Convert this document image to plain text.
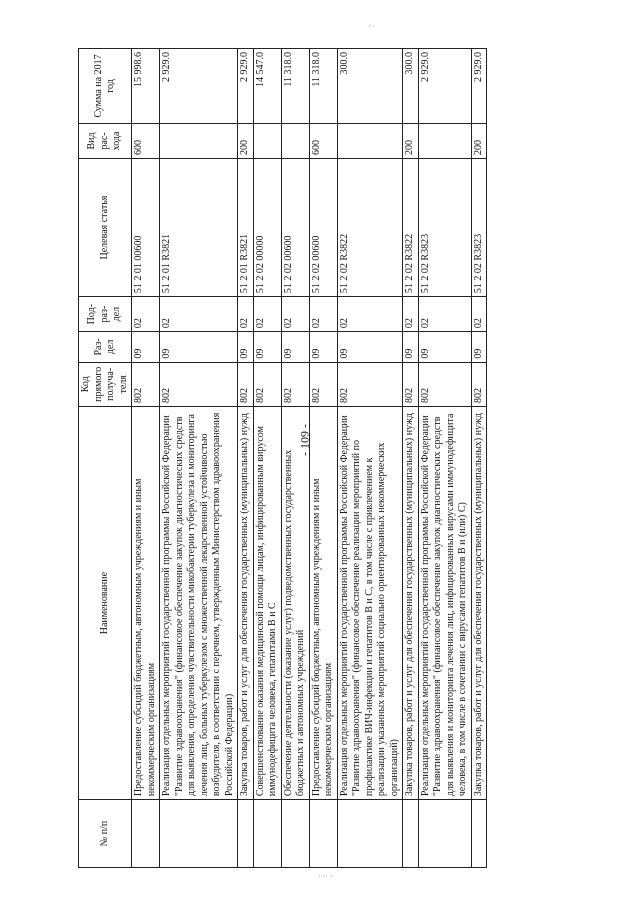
- 109 -
· ·
· ·· ·
№ п/п	Наименование	Код прямого получа-теля	Раз-дел	Под-раз-дел	Целевая статья	Вид рас-хода	Сумма на 2017 год
	Предоставление субсидий бюджетным, автономным учреждениям и иным некоммерческим организациям	802	09	02	51 2 01 00600	600	15 998.6
	Реализация отдельных мероприятий государственной программы Российской Федерации "Развитие здравоохранения" (финансовое обеспечение закупок диагностических средств для выявления, определения чувствительности микобактерии туберкулеза и мониторинга лечения лиц, больных туберкулезом с множественной лекарственной устойчивостью возбудителя, в соответствии с перечнем, утвержденным Министерством здравоохранения Российской Федерации)	802	09	02	51 2 01 R3821		2 929.0
	Закупка товаров, работ и услуг для обеспечения государственных (муниципальных) нужд	802	09	02	51 2 01 R3821	200	2 929.0
	Совершенствование оказания медицинской помощи лицам, инфицированным вирусом иммунодефицита человека, гепатитами В и С	802	09	02	51 2 02 00000		14 547.0
	Обеспечение деятельности (оказание услуг) подведомственных государственных бюджетных и автономных учреждений	802	09	02	51 2 02 00600		11 318.0
	Предоставление субсидий бюджетным, автономным учреждениям и иным некоммерческим организациям	802	09	02	51 2 02 00600	600	11 318.0
	Реализация отдельных мероприятий государственной программы Российской Федерации "Развитие здравоохранения" (финансовое обеспечение реализации мероприятий по профилактике ВИЧ-инфекции и гепатитов В и С, в том числе с привлечением к реализации указанных мероприятий социально ориентированных некоммерческих организаций)	802	09	02	51 2 02 R3822		300.0
	Закупка товаров, работ и услуг для обеспечения государственных (муниципальных) нужд	802	09	02	51 2 02 R3822	200	300.0
	Реализация отдельных мероприятий государственной программы Российской Федерации "Развитие здравоохранения" (финансовое обеспечение закупок диагностических средств для выявления и мониторинга лечения лиц, инфицированных вирусами иммунодефицита человека, в том числе в сочетании с вирусами гепатитов В и (или) С)	802	09	02	51 2 02 R3823		2 929.0
	Закупка товаров, работ и услуг для обеспечения государственных (муниципальных) нужд	802	09	02	51 2 02 R3823	200	2 929.0
